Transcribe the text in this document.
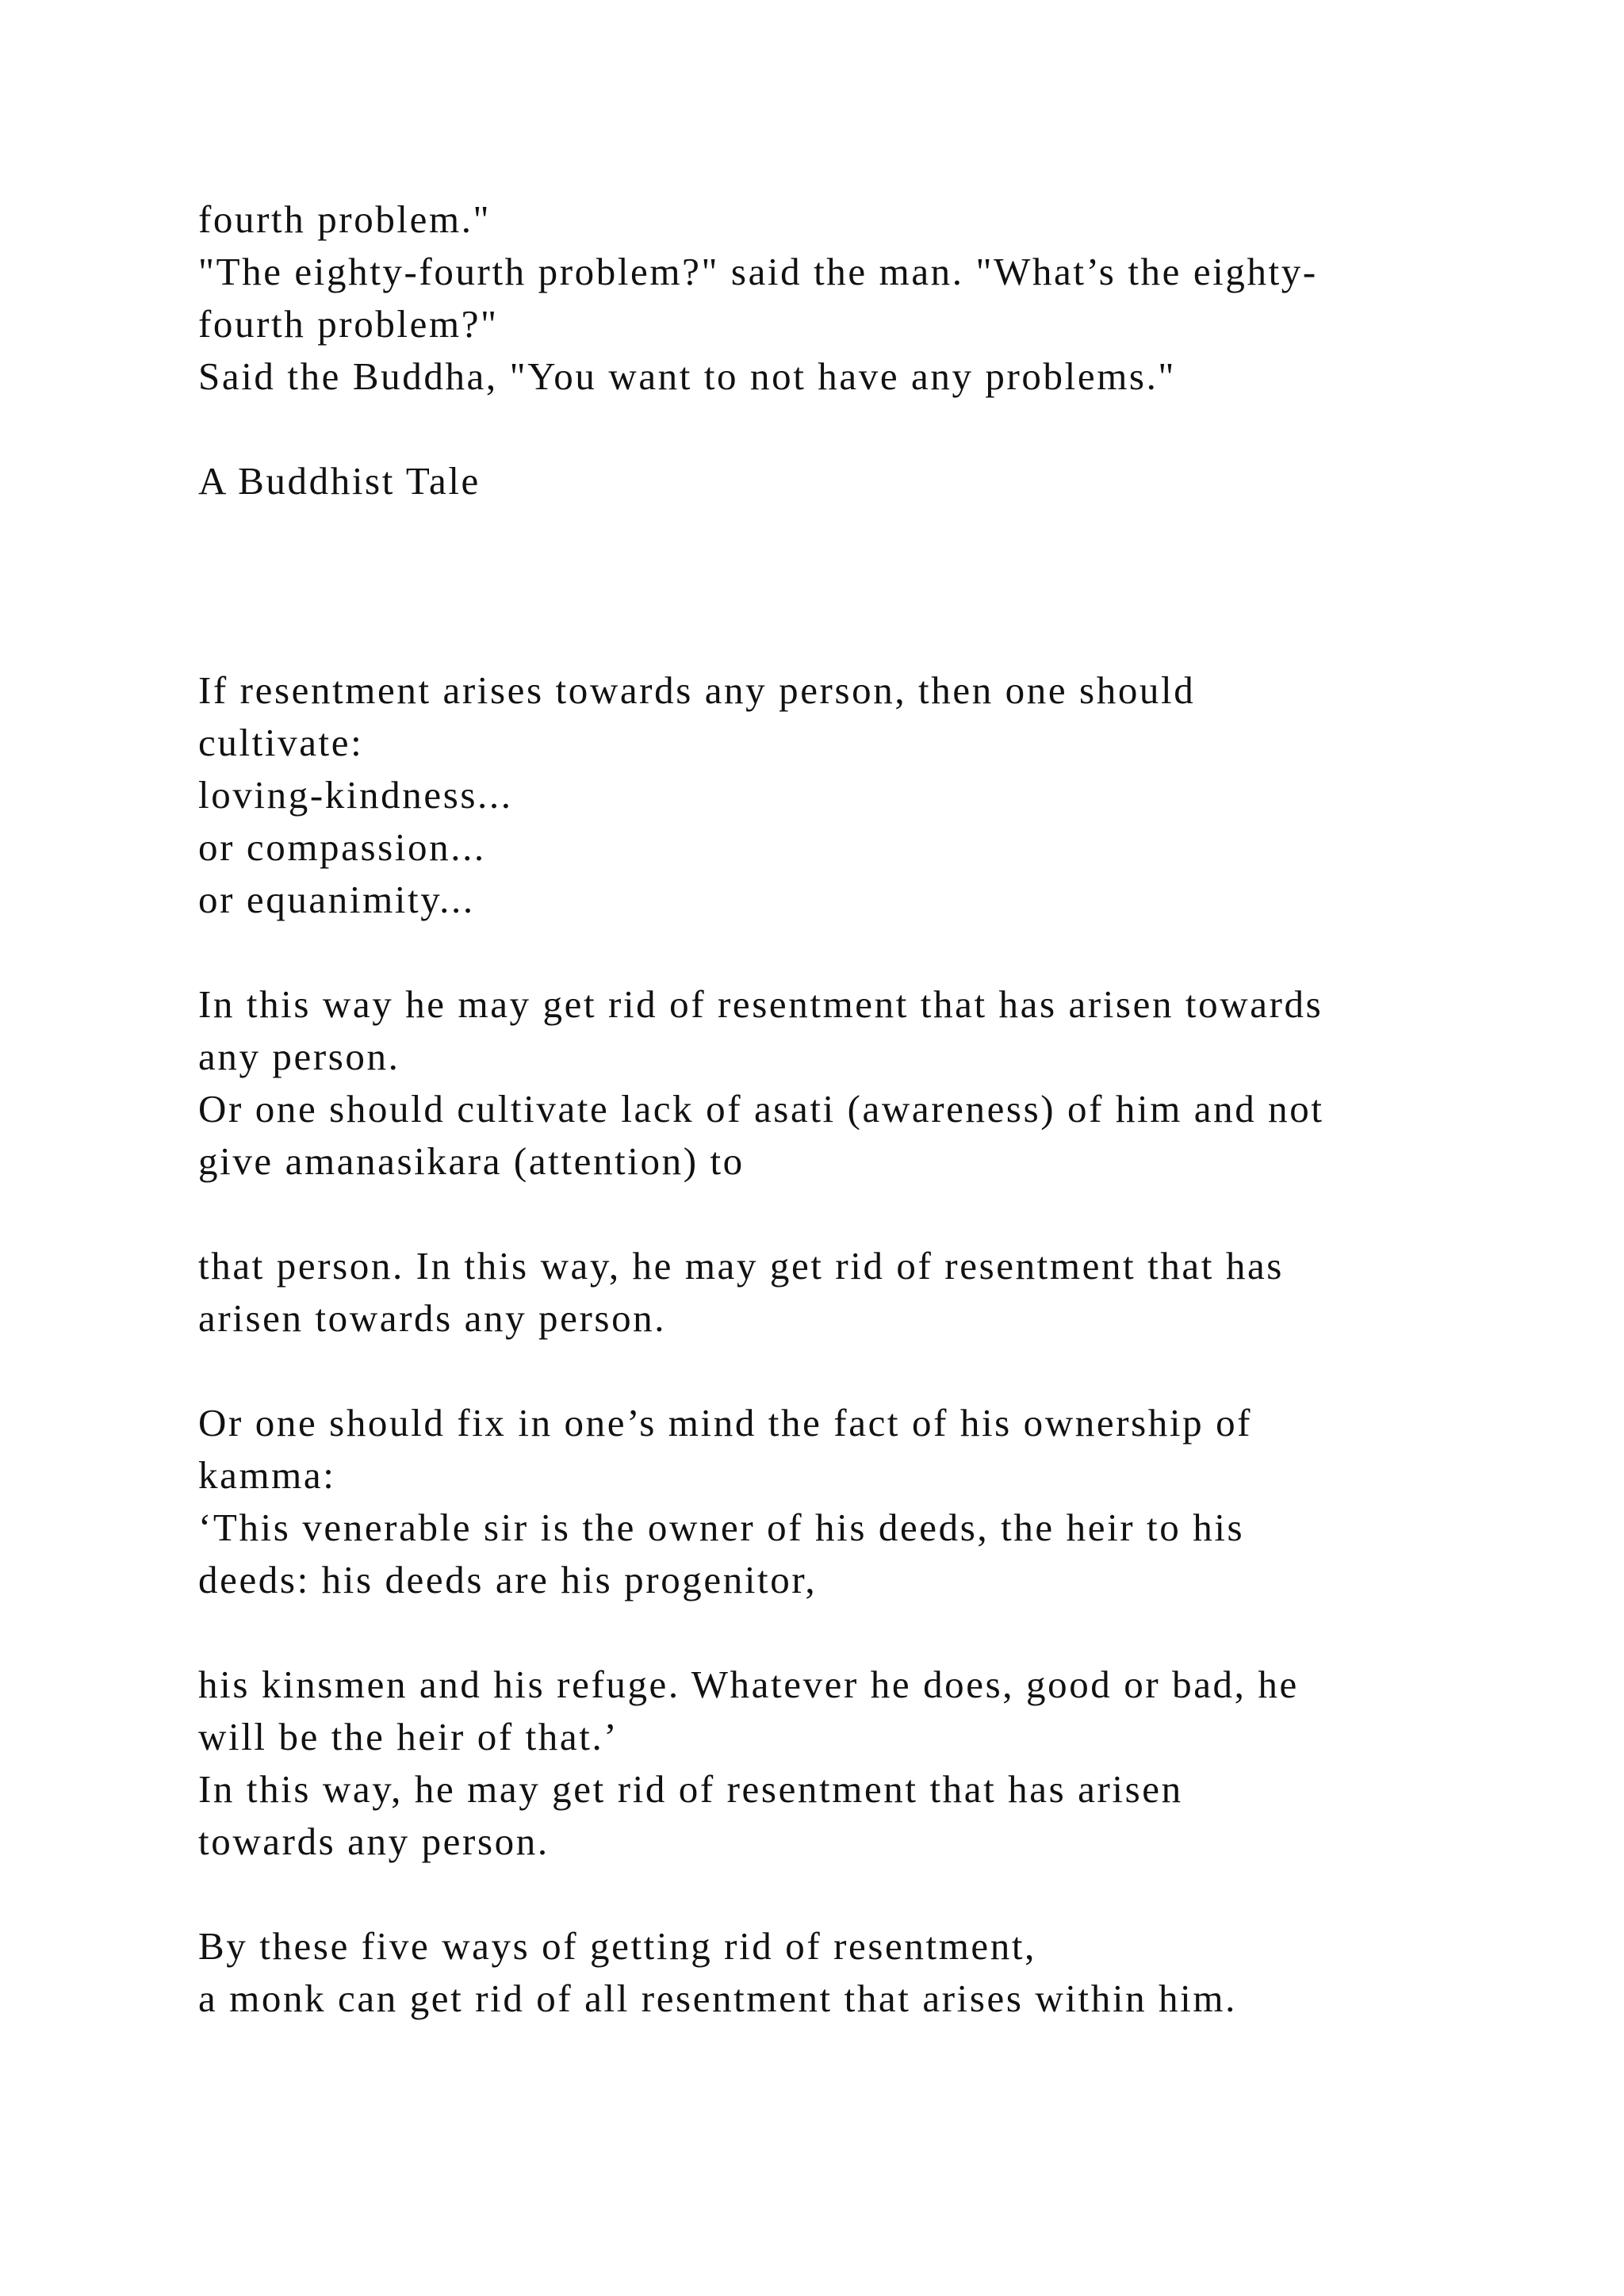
fourth problem."

"The eighty-fourth problem?" said the man. "What’s the eighty-

fourth problem?"

Said the Buddha, "You want to not have any problems."

A Buddhist Tale

If resentment arises towards any person, then one should

cultivate:

loving-kindness...

or compassion...

or equanimity...

In this way he may get rid of resentment that has arisen towards

any person.

Or one should cultivate lack of asati (awareness) of him and not

give amanasikara (attention) to

that person. In this way, he may get rid of resentment that has

arisen towards any person.

Or one should fix in one’s mind the fact of his ownership of

kamma:

‘This venerable sir is the owner of his deeds, the heir to his

deeds: his deeds are his progenitor,

his kinsmen and his refuge. Whatever he does, good or bad, he

will be the heir of that.’

In this way, he may get rid of resentment that has arisen

towards any person.

By these five ways of getting rid of resentment,

a monk can get rid of all resentment that arises within him.
